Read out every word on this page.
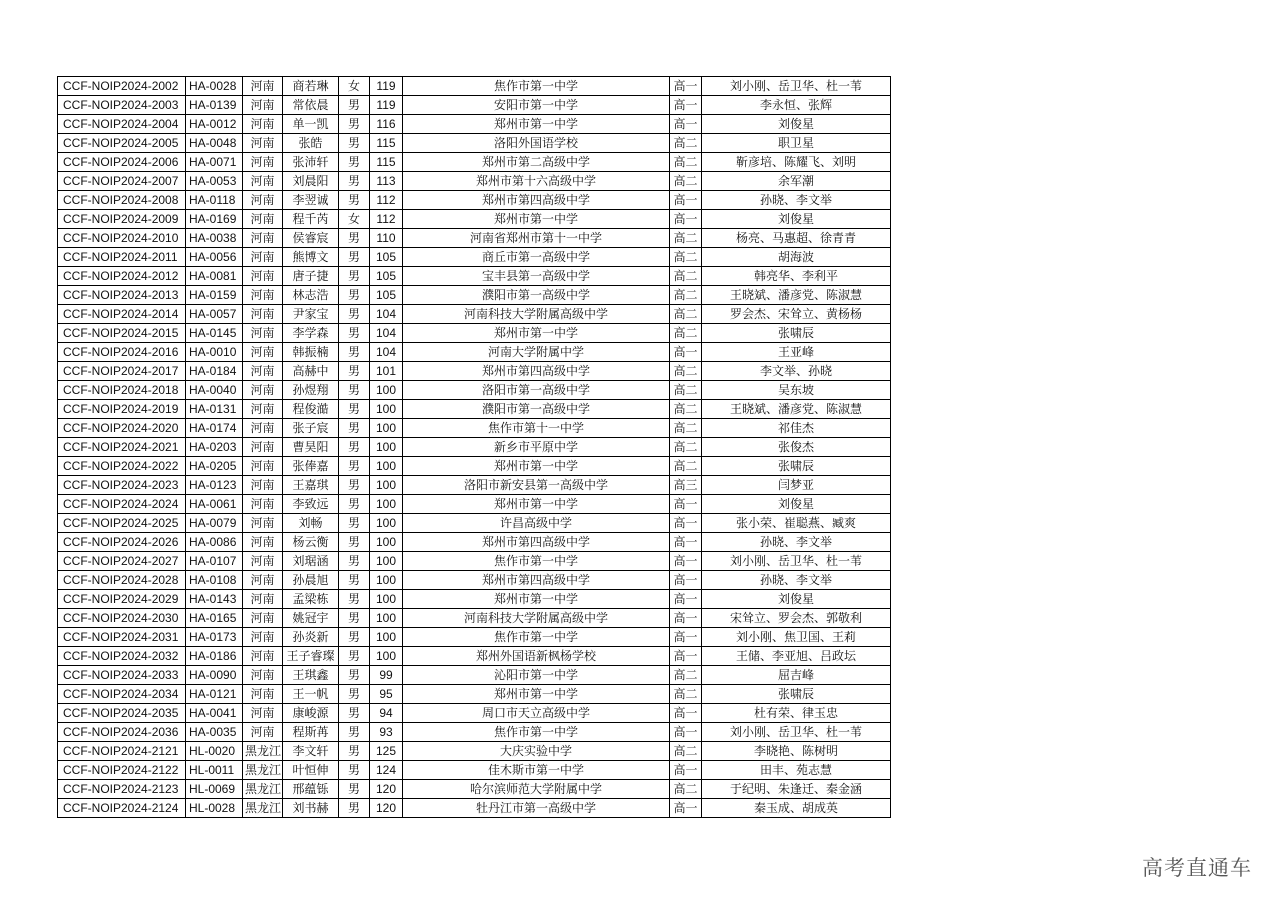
CCF-NOIP2024-2002	HA-0028	河南	商若琳	女	119	焦作市第一中学	高一	刘小刚、岳卫华、杜一苇
CCF-NOIP2024-2003	HA-0139	河南	常依晨	男	119	安阳市第一中学	高一	李永恒、张辉
CCF-NOIP2024-2004	HA-0012	河南	单一凯	男	116	郑州市第一中学	高一	刘俊星
CCF-NOIP2024-2005	HA-0048	河南	张皓	男	115	洛阳外国语学校	高二	职卫星
CCF-NOIP2024-2006	HA-0071	河南	张沛轩	男	115	郑州市第二高级中学	高二	靳彦培、陈耀飞、刘明
CCF-NOIP2024-2007	HA-0053	河南	刘晨阳	男	113	郑州市第十六高级中学	高二	余军潮
CCF-NOIP2024-2008	HA-0118	河南	李翌诚	男	112	郑州市第四高级中学	高一	孙晓、李文举
CCF-NOIP2024-2009	HA-0169	河南	程千芮	女	112	郑州市第一中学	高一	刘俊星
CCF-NOIP2024-2010	HA-0038	河南	侯睿宸	男	110	河南省郑州市第十一中学	高二	杨亮、马惠超、徐青青
CCF-NOIP2024-2011	HA-0056	河南	熊博文	男	105	商丘市第一高级中学	高二	胡海波
CCF-NOIP2024-2012	HA-0081	河南	唐子捷	男	105	宝丰县第一高级中学	高二	韩亮华、李利平
CCF-NOIP2024-2013	HA-0159	河南	林志浩	男	105	濮阳市第一高级中学	高二	王晓斌、潘彦党、陈淑慧
CCF-NOIP2024-2014	HA-0057	河南	尹家宝	男	104	河南科技大学附属高级中学	高二	罗会杰、宋耸立、黄杨杨
CCF-NOIP2024-2015	HA-0145	河南	李学森	男	104	郑州市第一中学	高二	张啸辰
CCF-NOIP2024-2016	HA-0010	河南	韩振楠	男	104	河南大学附属中学	高一	王亚峰
CCF-NOIP2024-2017	HA-0184	河南	高赫中	男	101	郑州市第四高级中学	高二	李文举、孙晓
CCF-NOIP2024-2018	HA-0040	河南	孙煜翔	男	100	洛阳市第一高级中学	高二	吴东坡
CCF-NOIP2024-2019	HA-0131	河南	程俊澔	男	100	濮阳市第一高级中学	高二	王晓斌、潘彦党、陈淑慧
CCF-NOIP2024-2020	HA-0174	河南	张子宸	男	100	焦作市第十一中学	高二	祁佳杰
CCF-NOIP2024-2021	HA-0203	河南	曹昊阳	男	100	新乡市平原中学	高二	张俊杰
CCF-NOIP2024-2022	HA-0205	河南	张俸嘉	男	100	郑州市第一中学	高二	张啸辰
CCF-NOIP2024-2023	HA-0123	河南	王嘉琪	男	100	洛阳市新安县第一高级中学	高三	闫梦亚
CCF-NOIP2024-2024	HA-0061	河南	李致远	男	100	郑州市第一中学	高一	刘俊星
CCF-NOIP2024-2025	HA-0079	河南	刘畅	男	100	许昌高级中学	高一	张小荣、崔聪燕、臧爽
CCF-NOIP2024-2026	HA-0086	河南	杨云衡	男	100	郑州市第四高级中学	高一	孙晓、李文举
CCF-NOIP2024-2027	HA-0107	河南	刘琚涵	男	100	焦作市第一中学	高一	刘小刚、岳卫华、杜一苇
CCF-NOIP2024-2028	HA-0108	河南	孙晨旭	男	100	郑州市第四高级中学	高一	孙晓、李文举
CCF-NOIP2024-2029	HA-0143	河南	孟梁栋	男	100	郑州市第一中学	高一	刘俊星
CCF-NOIP2024-2030	HA-0165	河南	姚冠宇	男	100	河南科技大学附属高级中学	高一	宋耸立、罗会杰、郭敬利
CCF-NOIP2024-2031	HA-0173	河南	孙炎新	男	100	焦作市第一中学	高一	刘小刚、焦卫国、王莉
CCF-NOIP2024-2032	HA-0186	河南	王子睿璨	男	100	郑州外国语新枫杨学校	高一	王储、李亚旭、吕政坛
CCF-NOIP2024-2033	HA-0090	河南	王琪鑫	男	99	沁阳市第一中学	高二	屈吉峰
CCF-NOIP2024-2034	HA-0121	河南	王一帆	男	95	郑州市第一中学	高二	张啸辰
CCF-NOIP2024-2035	HA-0041	河南	康峻源	男	94	周口市天立高级中学	高一	杜有荣、律玉忠
CCF-NOIP2024-2036	HA-0035	河南	程斯苒	男	93	焦作市第一中学	高一	刘小刚、岳卫华、杜一苇
CCF-NOIP2024-2121	HL-0020	黑龙江	李文轩	男	125	大庆实验中学	高二	李晓艳、陈树明
CCF-NOIP2024-2122	HL-0011	黑龙江	叶恒伸	男	124	佳木斯市第一中学	高一	田丰、苑志慧
CCF-NOIP2024-2123	HL-0069	黑龙江	邢蕴铄	男	120	哈尔滨师范大学附属中学	高二	于纪明、朱逢迁、秦金涵
CCF-NOIP2024-2124	HL-0028	黑龙江	刘书赫	男	120	牡丹江市第一高级中学	高一	秦玉成、胡成英
高考直通车
